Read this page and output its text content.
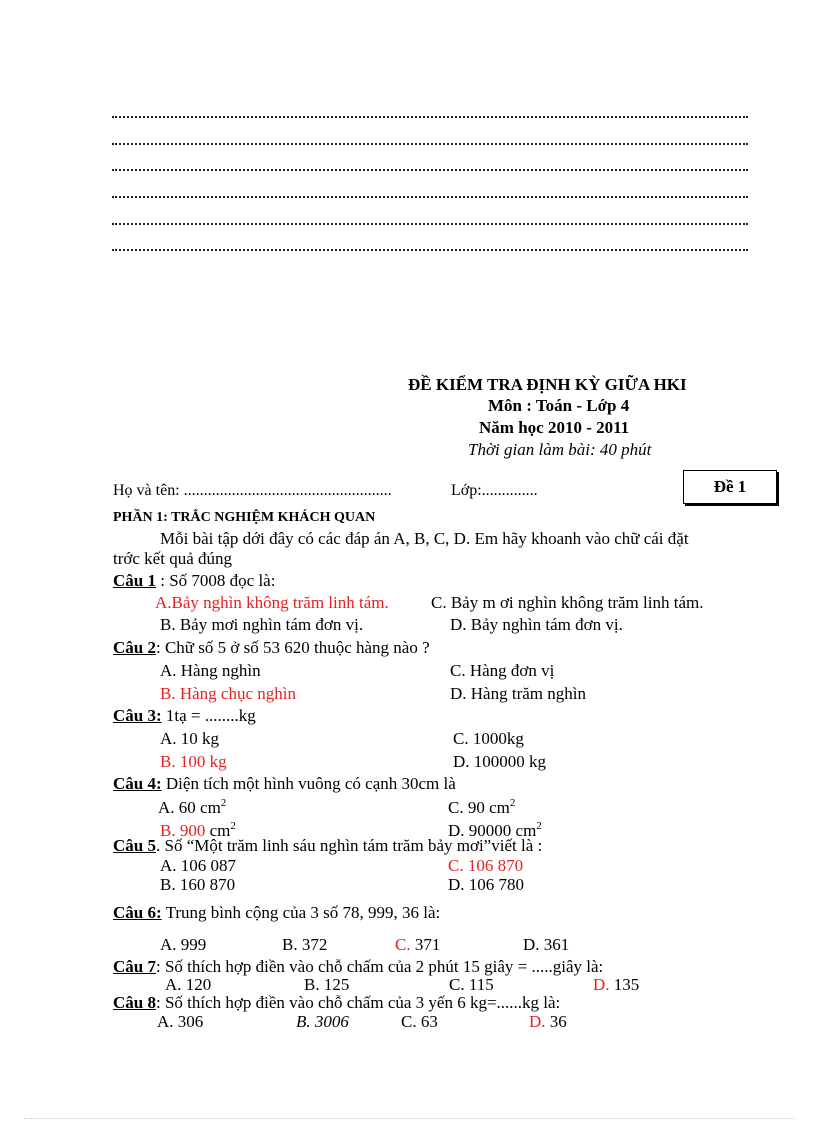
ĐỀ KIỂM TRA ĐỊNH KỲ GIỮA HKI
Môn : Toán - Lớp 4
Năm học 2010 - 2011
Thời gian làm bài: 40 phút
Họ và tên: ....................................................	Lớp:..............	Đề 1
PHẦN 1: TRẮC NGHIỆM KHÁCH QUAN
Mỗi bài tập dới đây có các đáp án A, B, C, D. Em hãy khoanh vào chữ cái đặt
trớc kết quả đúng
Câu 1 : Số 7008 đọc là:
A.Bảy nghìn không trăm linh tám. C. Bảy m ơi nghìn không trăm linh tám.
B. Bảy mơi nghìn tám đơn vị.	D. Bảy nghìn tám đơn vị.
Câu 2: Chữ số 5 ở số 53 620 thuộc hàng nào ?
A. Hàng nghìn	C. Hàng đơn vị
B. Hàng chục nghìn	D. Hàng trăm nghìn
Câu 3: 1tạ = ........kg
A. 10 kg	C. 1000kg
B. 100 kg	D. 100000 kg
Câu 4: Diện tích một hình vuông có cạnh 30cm là
A. 60 $cm^2$	C. 90 $cm^2$
B. 900 $cm^2$	D. 90000 $cm^2$
Câu 5. Số “Một trăm linh sáu nghìn tám trăm bảy mơi”viết là :
A. 106 087	C. 106 870
B. 160 870	D. 106 780
Câu 6: Trung bình cộng của 3 số 78, 999, 36 là:
A. 999	B. 372	C. 371	D. 361
Câu 7: Số thích hợp điền vào chỗ chấm của 2 phút 15 giây = .....giây là:
A. 120	B. 125	C. 115	D. 135
Câu 8: Số thích hợp điền vào chỗ chấm của 3 yến 6 kg=......kg là:
A. 306	B. 3006	C. 63	D. 36
